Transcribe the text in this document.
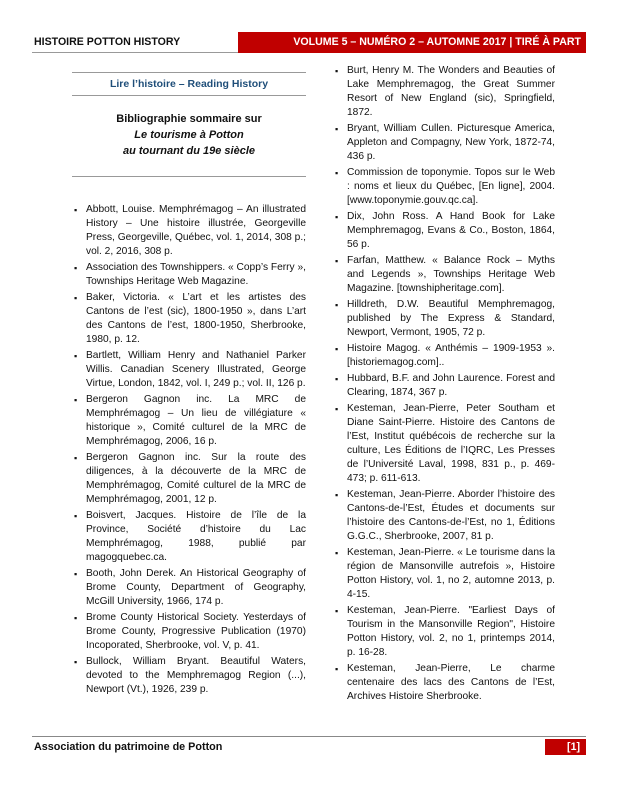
HISTOIRE POTTON HISTORY	VOLUME 5 – NUMÉRO 2 – AUTOMNE 2017 | TIRÉ À PART
Lire l’histoire – Reading History
Bibliographie sommaire sur
Le tourisme à Potton
au tournant du 19e siècle
▪ Abbott, Louise. Memphrémagog – An illustrated History – Une histoire illustrée, Georgeville Press, Georgeville, Québec, vol. 1, 2014, 308 p.; vol. 2, 2016, 308 p.
▪ Association des Townshippers. « Copp’s Ferry », Townships Heritage Web Magazine.
▪ Baker, Victoria. « L’art et les artistes des Cantons de l’est (sic), 1800-1950 », dans L’art des Cantons de l’est, 1800-1950, Sherbrooke, 1980, p. 12.
▪ Bartlett, William Henry and Nathaniel Parker Willis. Canadian Scenery Illustrated, George Virtue, London, 1842, vol. I, 249 p.; vol. II, 126 p.
▪ Bergeron Gagnon inc. La MRC de Memphrémagog – Un lieu de villégiature « historique », Comité culturel de la MRC de Memphrémagog, 2006, 16 p.
▪ Bergeron Gagnon inc. Sur la route des diligences, à la découverte de la MRC de Memphrémagog, Comité culturel de la MRC de Memphrémagog, 2001, 12 p.
▪ Boisvert, Jacques. Histoire de l’île de la Province, Société d’histoire du Lac Memphrémagog, 1988, publié par magogquebec.ca.
▪ Booth, John Derek. An Historical Geography of Brome County, Department of Geography, McGill University, 1966, 174 p.
▪ Brome County Historical Society. Yesterdays of Brome County, Progressive Publication (1970) Incoporated, Sherbrooke, vol. V, p. 41.
▪ Bullock, William Bryant. Beautiful Waters, devoted to the Memphremagog Region (...), Newport (Vt.), 1926, 239 p.
▪ Burt, Henry M. The Wonders and Beauties of Lake Memphremagog, the Great Summer Resort of New England (sic), Springfield, 1872.
▪ Bryant, William Cullen. Picturesque America, Appleton and Compagny, New York, 1872-74, 436 p.
▪ Commission de toponymie. Topos sur le Web : noms et lieux du Québec, [En ligne], 2004. [www.toponymie.gouv.qc.ca].
▪ Dix, John Ross. A Hand Book for Lake Memphremagog, Evans & Co., Boston, 1864, 56 p.
▪ Farfan, Matthew. « Balance Rock – Myths and Legends », Townships Heritage Web Magazine. [townshipheritage.com].
▪ Hilldreth, D.W. Beautiful Memphremagog, published by The Express & Standard, Newport, Vermont, 1905, 72 p.
▪ Histoire Magog. « Anthémis – 1909-1953 ». [historiemagog.com]..
▪ Hubbard, B.F. and John Laurence. Forest and Clearing, 1874, 367 p.
▪ Kesteman, Jean-Pierre, Peter Southam et Diane Saint-Pierre. Histoire des Cantons de l’Est, Institut québécois de recherche sur la culture, Les Éditions de l’IQRC, Les Presses de l’Université Laval, 1998, 831 p., p. 469-473; p. 611-613.
▪ Kesteman, Jean-Pierre. Aborder l’histoire des Cantons-de-l’Est, Études et documents sur l’histoire des Cantons-de-l’Est, no 1, Éditions G.G.C., Sherbrooke, 2007, 81 p.
▪ Kesteman, Jean-Pierre. « Le tourisme dans la région de Mansonville autrefois », Histoire Potton History, vol. 1, no 2, automne 2013, p. 4-15.
▪ Kesteman, Jean-Pierre. "Earliest Days of Tourism in the Mansonville Region", Histoire Potton History, vol. 2, no 1, printemps 2014, p. 16-28.
▪ Kesteman, Jean-Pierre, Le charme centenaire des lacs des Cantons de l’Est, Archives Histoire Sherbrooke.
Association du patrimoine de Potton	[1]
